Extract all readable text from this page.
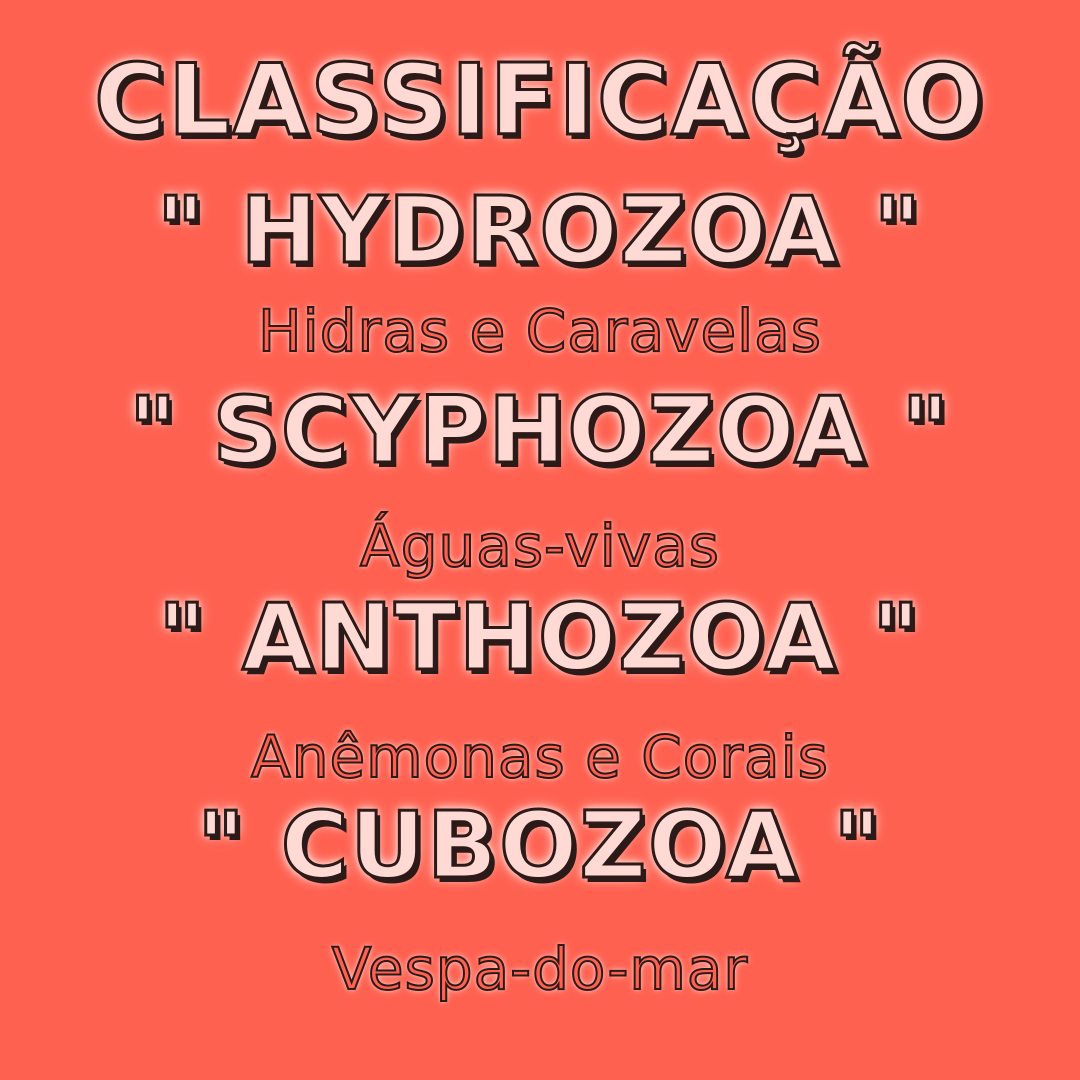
CLASSIFICAÇÃO
" HYDROZOA "
Hidras e Caravelas
" SCYPHOZOA "
Águas-vivas
" ANTHOZOA "
Anêmonas e Corais
" CUBOZOA "
Vespa-do-mar
